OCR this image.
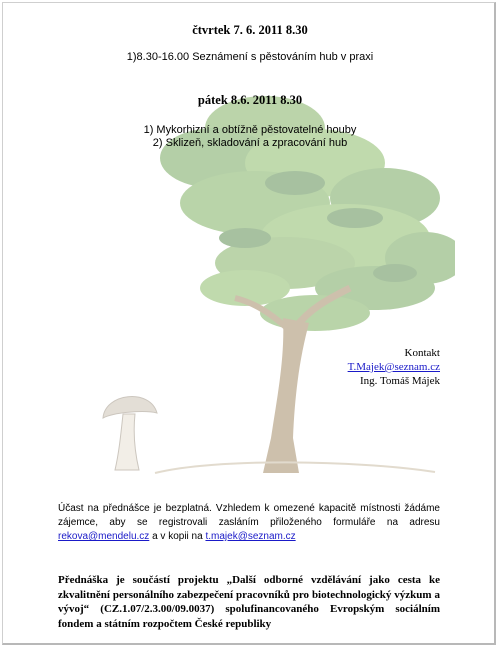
čtvrtek 7. 6. 2011 8.30
1)8.30-16.00 Seznámení s pěstováním hub v praxi
pátek 8.6. 2011 8.30
1) Mykorhizní a obtížně pěstovatelné houby
2) Sklizeň, skladování a zpracování hub
Kontakt
T.Majek@seznam.cz
Ing. Tomáš Májek
Účast na přednášce je bezplatná. Vzhledem k omezené kapacitě místnosti žádáme zájemce, aby se registrovali zasláním přiloženého formuláře na adresu rekova@mendelu.cz a v kopii na t.majek@seznam.cz
Přednáška je součástí projektu „Další odborné vzdělávání jako cesta ke zkvalitnění personálního zabezpečení pracovníků pro biotechnologický výzkum a vývoj“ (CZ.1.07/2.3.00/09.0037) spolufinancovaného Evropským sociálním fondem a státním rozpočtem České republiky
